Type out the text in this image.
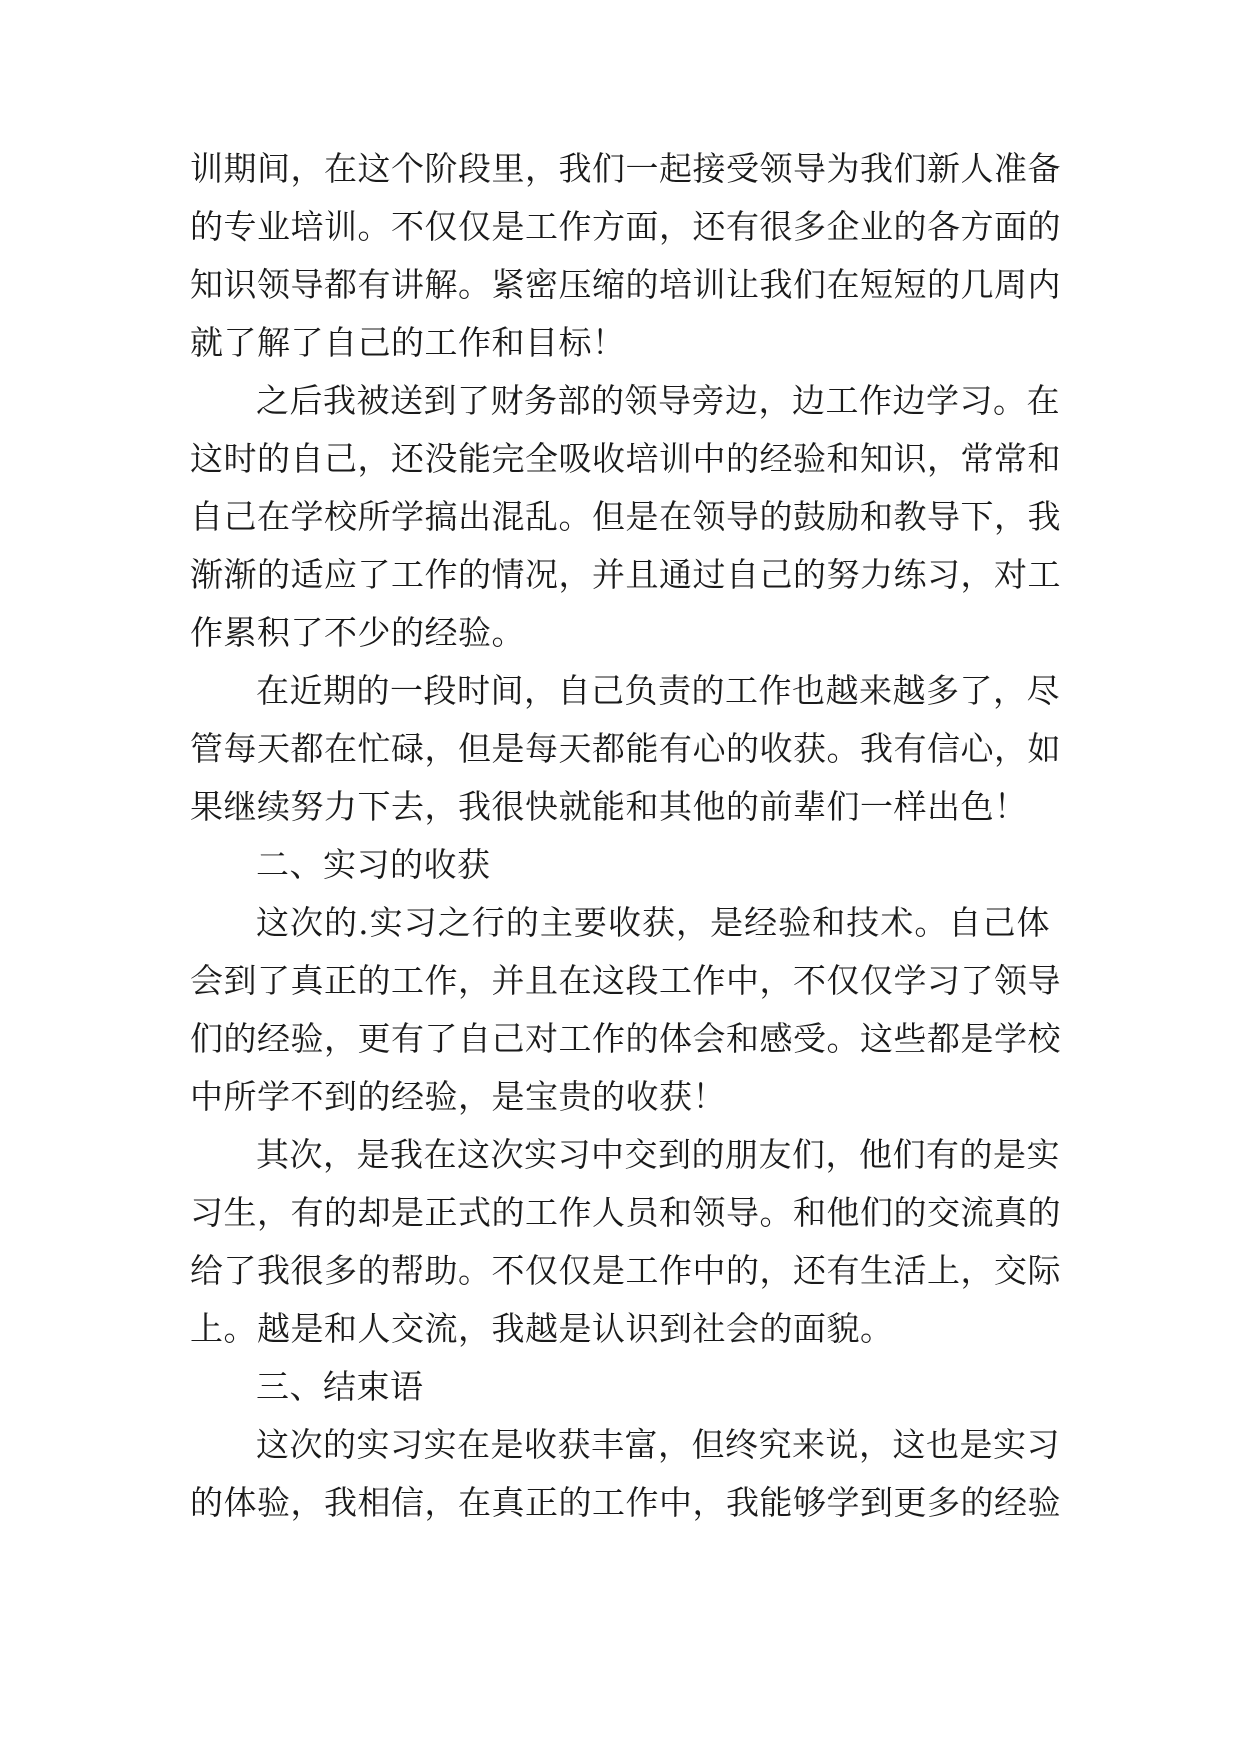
训期间，在这个阶段里，我们一起接受领导为我们新人准备
的专业培训。不仅仅是工作方面，还有很多企业的各方面的
知识领导都有讲解。紧密压缩的培训让我们在短短的几周内
就了解了自己的工作和目标！
之后我被送到了财务部的领导旁边，边工作边学习。在
这时的自己，还没能完全吸收培训中的经验和知识，常常和
自己在学校所学搞出混乱。但是在领导的鼓励和教导下，我
渐渐的适应了工作的情况，并且通过自己的努力练习，对工
作累积了不少的经验。
在近期的一段时间，自己负责的工作也越来越多了，尽
管每天都在忙碌，但是每天都能有心的收获。我有信心，如
果继续努力下去，我很快就能和其他的前辈们一样出色！
二、实习的收获
这次的.实习之行的主要收获，是经验和技术。自己体
会到了真正的工作，并且在这段工作中，不仅仅学习了领导
们的经验，更有了自己对工作的体会和感受。这些都是学校
中所学不到的经验，是宝贵的收获！
其次，是我在这次实习中交到的朋友们，他们有的是实
习生，有的却是正式的工作人员和领导。和他们的交流真的
给了我很多的帮助。不仅仅是工作中的，还有生活上，交际
上。越是和人交流，我越是认识到社会的面貌。
三、结束语
这次的实习实在是收获丰富，但终究来说，这也是实习
的体验，我相信，在真正的工作中，我能够学到更多的经验
